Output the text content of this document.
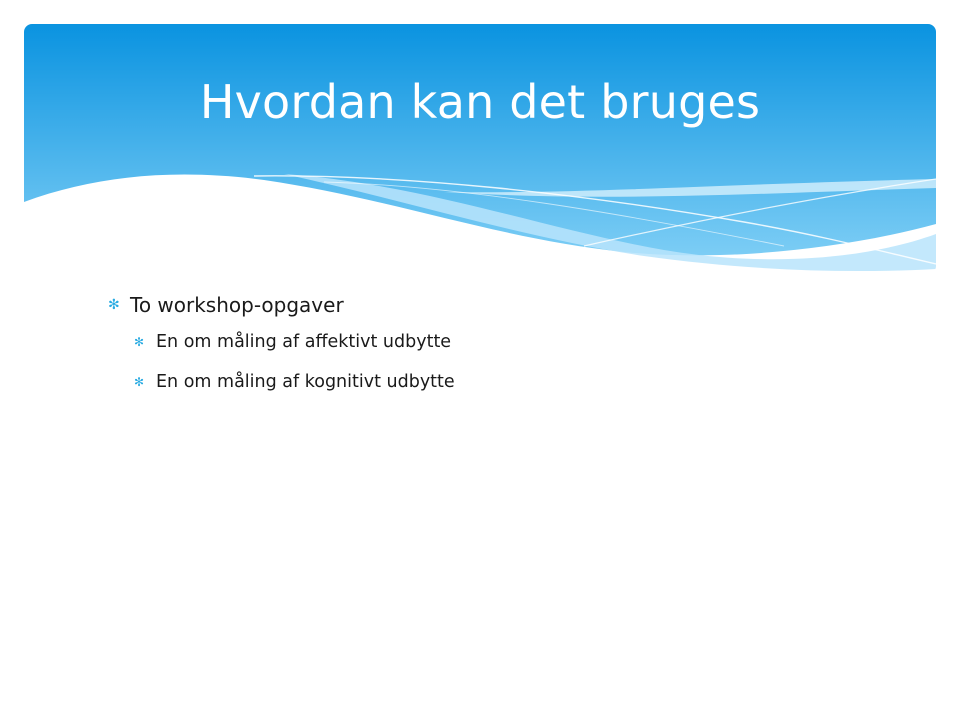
Hvordan kan det bruges
✻ To workshop-opgaver
✻ En om måling af affektivt udbytte
✻ En om måling af kognitivt udbytte
